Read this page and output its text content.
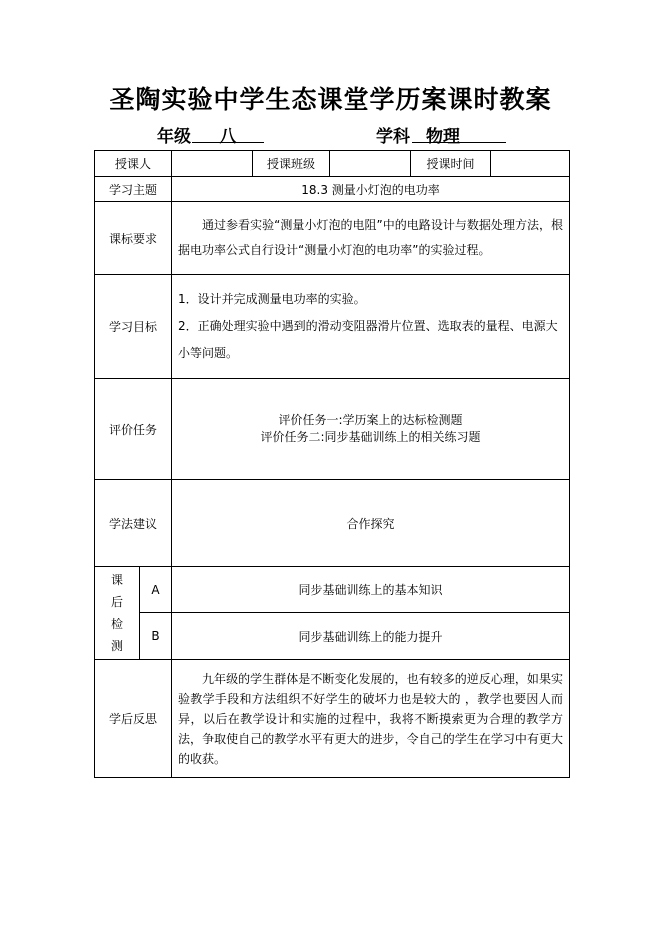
圣陶实验中学生态课堂学历案课时教案
年级	八	学科 物理
授课人			授课班级		授课时间	
学习主题		18.3 测量小灯泡的电功率				
课标要求		通过参看实验“测量小灯泡的电阻”中的电路设计与数据处理方法，根据电功率公式自行设计“测量小灯泡的电功率”的实验过程。				

学习目标		1．设计并完成测量电功率的实验。
2．正确处理实验中遇到的滑动变阻器滑片位置、选取表的量程、电源大小等问题。				

评价任务		评价任务一:学历案上的达标检测题
评价任务二:同步基础训练上的相关练习题				

学法建议		合作探究				

课
后
检
测	A	同步基础训练上的基本知识				
	B	同步基础训练上的能力提升				
学后反思		九年级的学生群体是不断变化发展的，也有较多的逆反心理，如果实验教学手段和方法组织不好学生的破坏力也是较大的 ，教学也要因人而异，以后在教学设计和实施的过程中，我将不断摸索更为合理的教学方法，争取使自己的教学水平有更大的进步，令自己的学生在学习中有更大的收获。				
